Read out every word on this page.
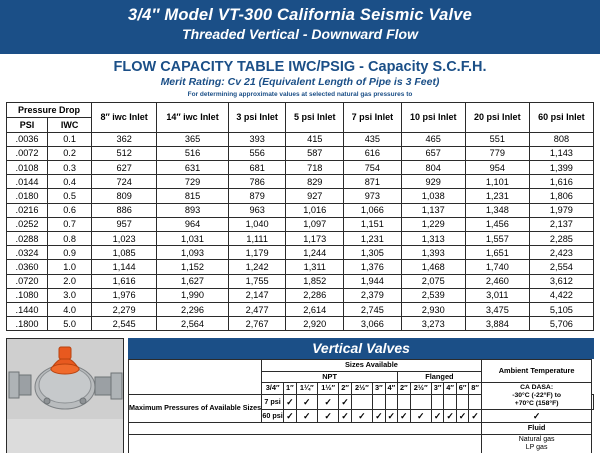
3/4″ Model VT-300 California Seismic Valve
Threaded Vertical - Downward Flow
FLOW CAPACITY TABLE IWC/PSIG - Capacity S.C.F.H.
Merit Rating: Cv 21 (Equivalent Length of Pipe is 3 Feet)
For determining approximate values at selected natural gas pressures to
Pressure Drop		8″ iwc Inlet	14″ iwc Inlet	3 psi Inlet	5 psi Inlet	7 psi Inlet	10 psi Inlet	20 psi Inlet	60 psi Inlet
PSI	IWC								
.0036	0.1	362	365	393	415	435	465	551	808
.0072	0.2	512	516	556	587	616	657	779	1,143
.0108	0.3	627	631	681	718	754	804	954	1,399
.0144	0.4	724	729	786	829	871	929	1,101	1,616
.0180	0.5	809	815	879	927	973	1,038	1,231	1,806
.0216	0.6	886	893	963	1,016	1,066	1,137	1,348	1,979
.0252	0.7	957	964	1,040	1,097	1,151	1,229	1,456	2,137
.0288	0.8	1,023	1,031	1,111	1,173	1,231	1,313	1,557	2,285
.0324	0.9	1,085	1,093	1,179	1,244	1,305	1,393	1,651	2,423
.0360	1.0	1,144	1,152	1,242	1,311	1,376	1,468	1,740	2,554
.0720	2.0	1,616	1,627	1,755	1,852	1,944	2,075	2,460	3,612
.1080	3.0	1,976	1,990	2,147	2,286	2,379	2,539	3,011	4,422
.1440	4.0	2,279	2,296	2,477	2,614	2,745	2,930	3,475	5,105
.1800	5.0	2,545	2,564	2,767	2,920	3,066	3,273	3,884	5,706
Vertical Valves
	Sizes Available														Ambient Temperature	
	NPT								Flanged							
	3/4″	1″	1¼″	1½″	2″	2½″	3″	4″	2″	2½″	3″	4″	6″	8″	CA DASA:
-30°C (-22°F) to
+70°C (158°F)	

Maximum Pressures of Available Sizes	7 psi	✓	✓	✓	✓											
	60 psi	✓	✓	✓	✓	✓	✓	✓	✓	✓	✓	✓	✓	✓	✓	
															Fluid	

															Natural gas
LP gas	
